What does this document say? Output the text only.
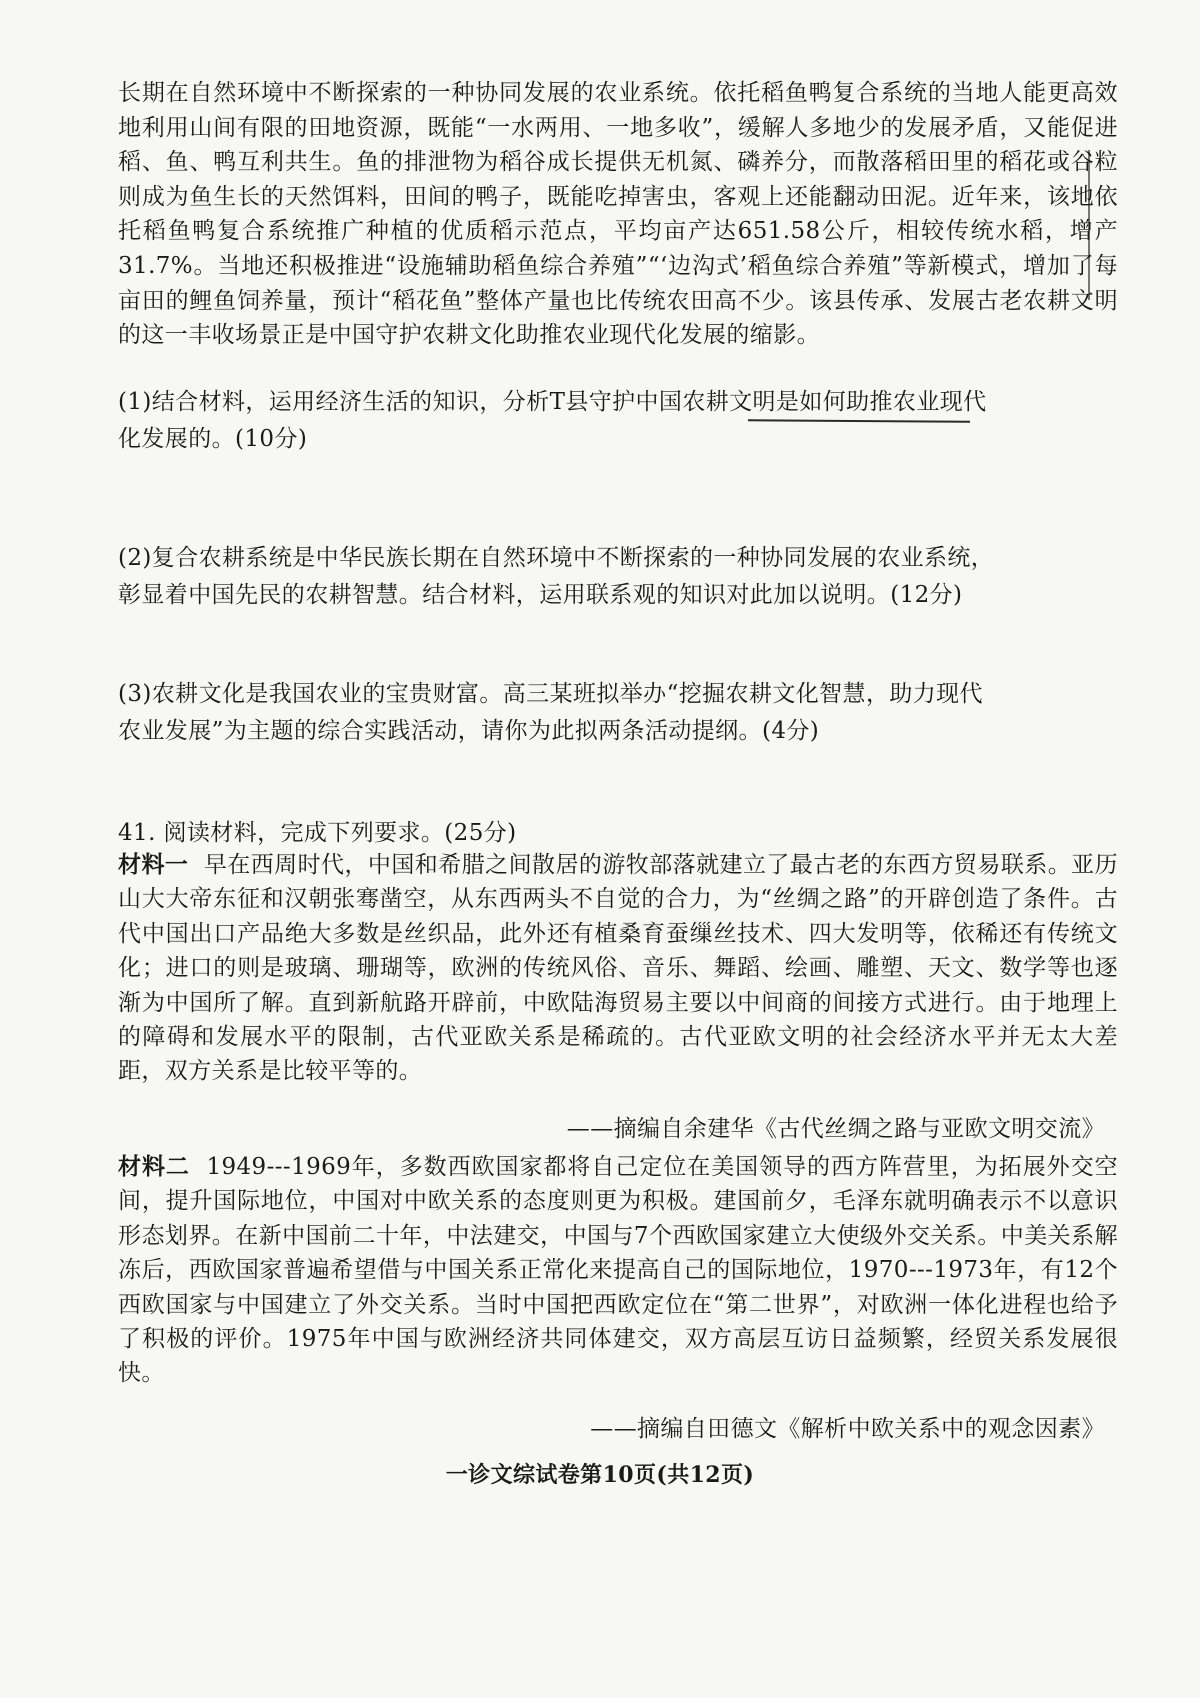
长期在自然环境中不断探索的一种协同发展的农业系统。依托稻鱼鸭复合系统的当地人能更高效地利用山间有限的田地资源，既能“一水两用、一地多收”，缓解人多地少的发展矛盾，又能促进稻、鱼、鸭互利共生。鱼的排泄物为稻谷成长提供无机氮、磷养分，而散落稻田里的稻花或谷粒则成为鱼生长的天然饵料，田间的鸭子，既能吃掉害虫，客观上还能翻动田泥。近年来，该地依托稻鱼鸭复合系统推广种植的优质稻示范点，平均亩产达651.58公斤，相较传统水稻，增产31.7%。当地还积极推进“设施辅助稻鱼综合养殖”“‘边沟式’稻鱼综合养殖”等新模式，增加了每亩田的鲤鱼饲养量，预计“稻花鱼”整体产量也比传统农田高不少。该县传承、发展古老农耕文明的这一丰收场景正是中国守护农耕文化助推农业现代化发展的缩影。
(1)结合材料，运用经济生活的知识，分析T县守护中国农耕文明是如何助推农业现代
化发展的。(10分)
(2)复合农耕系统是中华民族长期在自然环境中不断探索的一种协同发展的农业系统，
彰显着中国先民的农耕智慧。结合材料，运用联系观的知识对此加以说明。(12分)
(3)农耕文化是我国农业的宝贵财富。高三某班拟举办“挖掘农耕文化智慧，助力现代
农业发展”为主题的综合实践活动，请你为此拟两条活动提纲。(4分)
41. 阅读材料，完成下列要求。(25分)
材料一 早在西周时代，中国和希腊之间散居的游牧部落就建立了最古老的东西方贸易联系。亚历山大大帝东征和汉朝张骞凿空，从东西两头不自觉的合力，为“丝绸之路”的开辟创造了条件。古代中国出口产品绝大多数是丝织品，此外还有植桑育蚕缫丝技术、四大发明等，依稀还有传统文化；进口的则是玻璃、珊瑚等，欧洲的传统风俗、音乐、舞蹈、绘画、雕塑、天文、数学等也逐渐为中国所了解。直到新航路开辟前，中欧陆海贸易主要以中间商的间接方式进行。由于地理上的障碍和发展水平的限制，古代亚欧关系是稀疏的。古代亚欧文明的社会经济水平并无太大差距，双方关系是比较平等的。
——摘编自余建华《古代丝绸之路与亚欧文明交流》
材料二 1949---1969年，多数西欧国家都将自己定位在美国领导的西方阵营里，为拓展外交空间，提升国际地位，中国对中欧关系的态度则更为积极。建国前夕，毛泽东就明确表示不以意识形态划界。在新中国前二十年，中法建交，中国与7个西欧国家建立大使级外交关系。中美关系解冻后，西欧国家普遍希望借与中国关系正常化来提高自己的国际地位，1970---1973年，有12个西欧国家与中国建立了外交关系。当时中国把西欧定位在“第二世界”，对欧洲一体化进程也给予了积极的评价。1975年中国与欧洲经济共同体建交，双方高层互访日益频繁，经贸关系发展很快。
——摘编自田德文《解析中欧关系中的观念因素》
一诊文综试卷第10页(共12页)
